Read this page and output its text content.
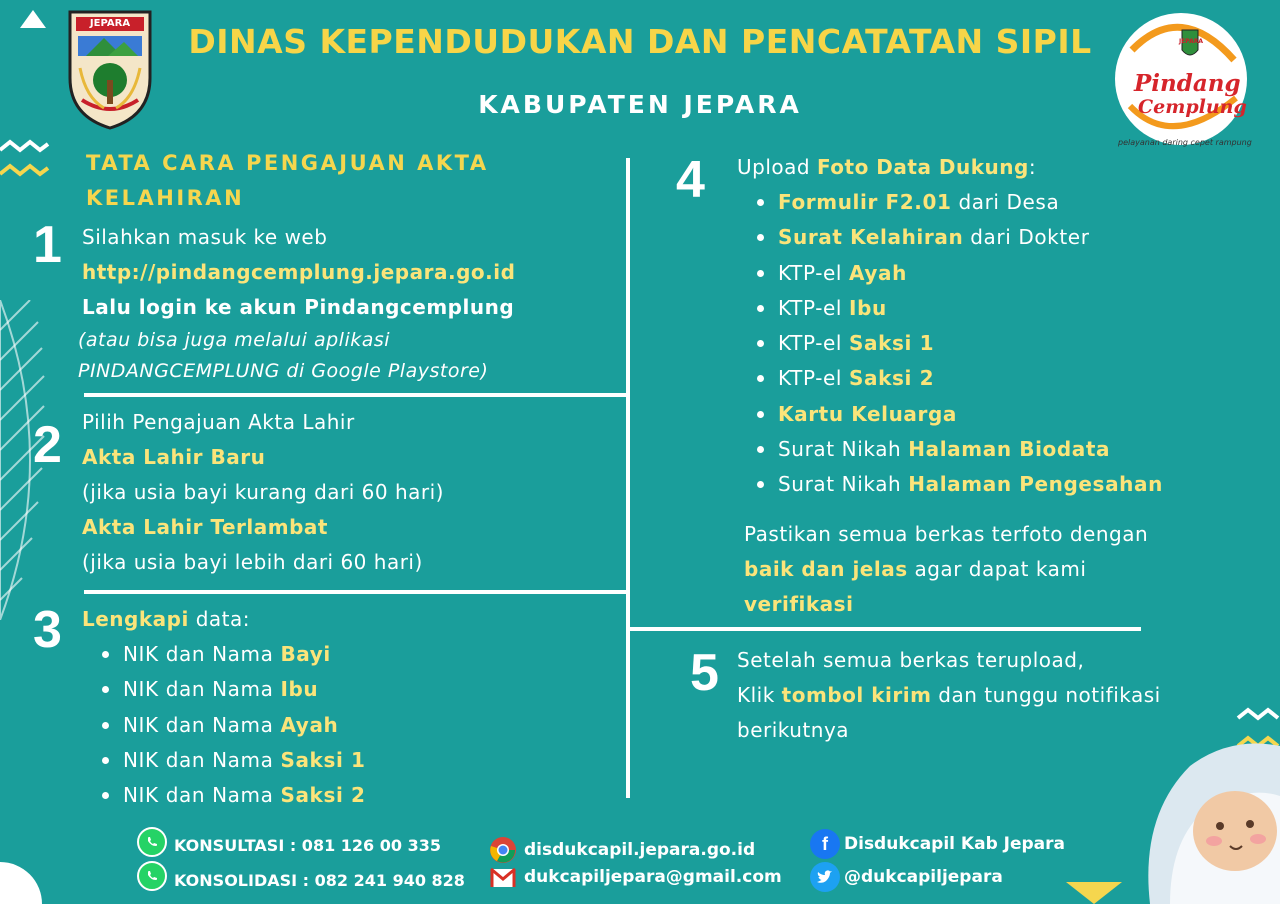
JEPARA
JEPARA
Pindang
Cemplung
pelayanan daring cepet rampung
DINAS KEPENDUDUKAN DAN PENCATATAN SIPIL
KABUPATEN JEPARA
TATA CARA PENGAJUAN AKTA KELAHIRAN
1 Silahkan masuk ke web

http://pindangcemplung.jepara.go.id

Lalu login ke akun Pindangcemplung

(atau bisa juga melalui aplikasi

PINDANGCEMPLUNG di Google Playstore)

2 Pilih Pengajuan Akta Lahir

Akta Lahir Baru

(jika usia bayi kurang dari 60 hari)

Akta Lahir Terlambat

(jika usia bayi lebih dari 60 hari)

3 Lengkapi data:

NIK dan Nama Bayi
NIK dan Nama Ibu
NIK dan Nama Ayah
NIK dan Nama Saksi 1
NIK dan Nama Saksi 2
4 Upload Foto Data Dukung:

Formulir F2.01 dari Desa
Surat Kelahiran dari Dokter
KTP-el Ayah
KTP-el Ibu
KTP-el Saksi 1
KTP-el Saksi 2
Kartu Keluarga
Surat Nikah Halaman Biodata
Surat Nikah Halaman Pengesahan

Pastikan semua berkas terfoto dengan

baik dan jelas agar dapat kami

verifikasi

5 Setelah semua berkas terupload,

Klik tombol kirim dan tunggu notifikasi

berikutnya

KONSULTASI : 081 126 00 335
KONSOLIDASI : 082 241 940 828
disdukcapil.jepara.go.id
dukcapiljepara@gmail.com
f Disdukcapil Kab Jepara
@dukcapiljepara
